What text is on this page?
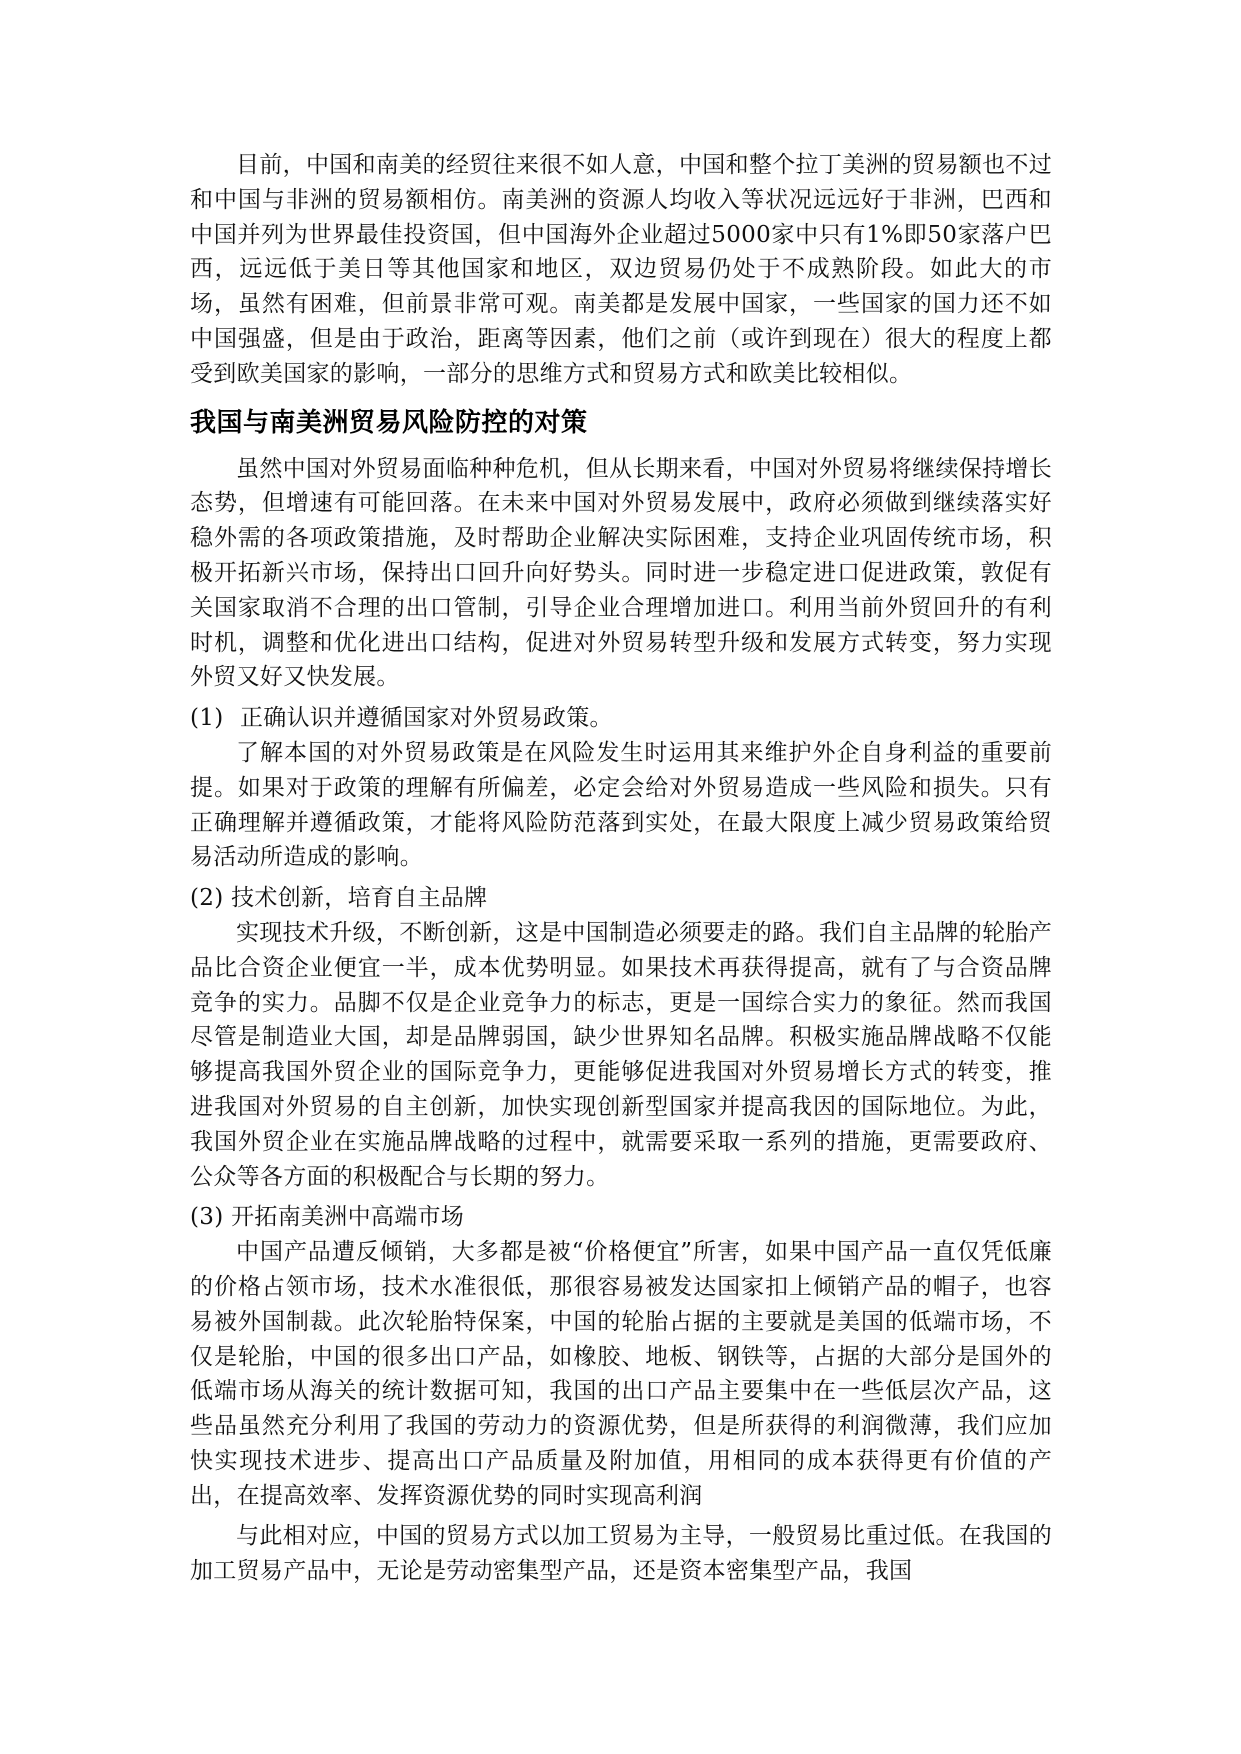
目前，中国和南美的经贸往来很不如人意，中国和整个拉丁美洲的贸易额也不过和中国与非洲的贸易额相仿。南美洲的资源人均收入等状况远远好于非洲，巴西和中国并列为世界最佳投资国，但中国海外企业超过5000家中只有1%即50家落户巴西，远远低于美日等其他国家和地区，双边贸易仍处于不成熟阶段。如此大的市场，虽然有困难，但前景非常可观。南美都是发展中国家，一些国家的国力还不如中国强盛，但是由于政治，距离等因素，他们之前（或许到现在）很大的程度上都受到欧美国家的影响，一部分的思维方式和贸易方式和欧美比较相似。

我国与南美洲贸易风险防控的对策

虽然中国对外贸易面临种种危机，但从长期来看，中国对外贸易将继续保持增长态势，但增速有可能回落。在未来中国对外贸易发展中，政府必须做到继续落实好稳外需的各项政策措施，及时帮助企业解决实际困难，支持企业巩固传统市场，积极开拓新兴市场，保持出口回升向好势头。同时进一步稳定进口促进政策，敦促有关国家取消不合理的出口管制，引导企业合理增加进口。利用当前外贸回升的有利时机，调整和优化进出口结构，促进对外贸易转型升级和发展方式转变，努力实现外贸又好又快发展。

(1) 正确认识并遵循国家对外贸易政策。

了解本国的对外贸易政策是在风险发生时运用其来维护外企自身利益的重要前提。如果对于政策的理解有所偏差，必定会给对外贸易造成一些风险和损失。只有正确理解并遵循政策，才能将风险防范落到实处，在最大限度上减少贸易政策给贸易活动所造成的影响。

(2) 技术创新，培育自主品牌

实现技术升级，不断创新，这是中国制造必须要走的路。我们自主品牌的轮胎产品比合资企业便宜一半，成本优势明显。如果技术再获得提高，就有了与合资品牌竞争的实力。品脚不仅是企业竞争力的标志，更是一国综合实力的象征。然而我国尽管是制造业大国，却是品牌弱国，缺少世界知名品牌。积极实施品牌战略不仅能够提高我国外贸企业的国际竞争力，更能够促进我国对外贸易增长方式的转变，推进我国对外贸易的自主创新，加快实现创新型国家并提高我因的国际地位。为此，我国外贸企业在实施品牌战略的过程中，就需要采取一系列的措施，更需要政府、公众等各方面的积极配合与长期的努力。

(3) 开拓南美洲中高端市场

中国产品遭反倾销，大多都是被“价格便宜”所害，如果中国产品一直仅凭低廉的价格占领市场，技术水准很低，那很容易被发达国家扣上倾销产品的帽子，也容易被外国制裁。此次轮胎特保案，中国的轮胎占据的主要就是美国的低端市场，不仅是轮胎，中国的很多出口产品，如橡胶、地板、钢铁等，占据的大部分是国外的低端市场从海关的统计数据可知，我国的出口产品主要集中在一些低层次产品，这些品虽然充分利用了我国的劳动力的资源优势，但是所获得的利润微薄，我们应加快实现技术进步、提高出口产品质量及附加值，用相同的成本获得更有价值的产出，在提高效率、发挥资源优势的同时实现高利润

与此相对应，中国的贸易方式以加工贸易为主导，一般贸易比重过低。在我国的加工贸易产品中，无论是劳动密集型产品，还是资本密集型产品，我国
